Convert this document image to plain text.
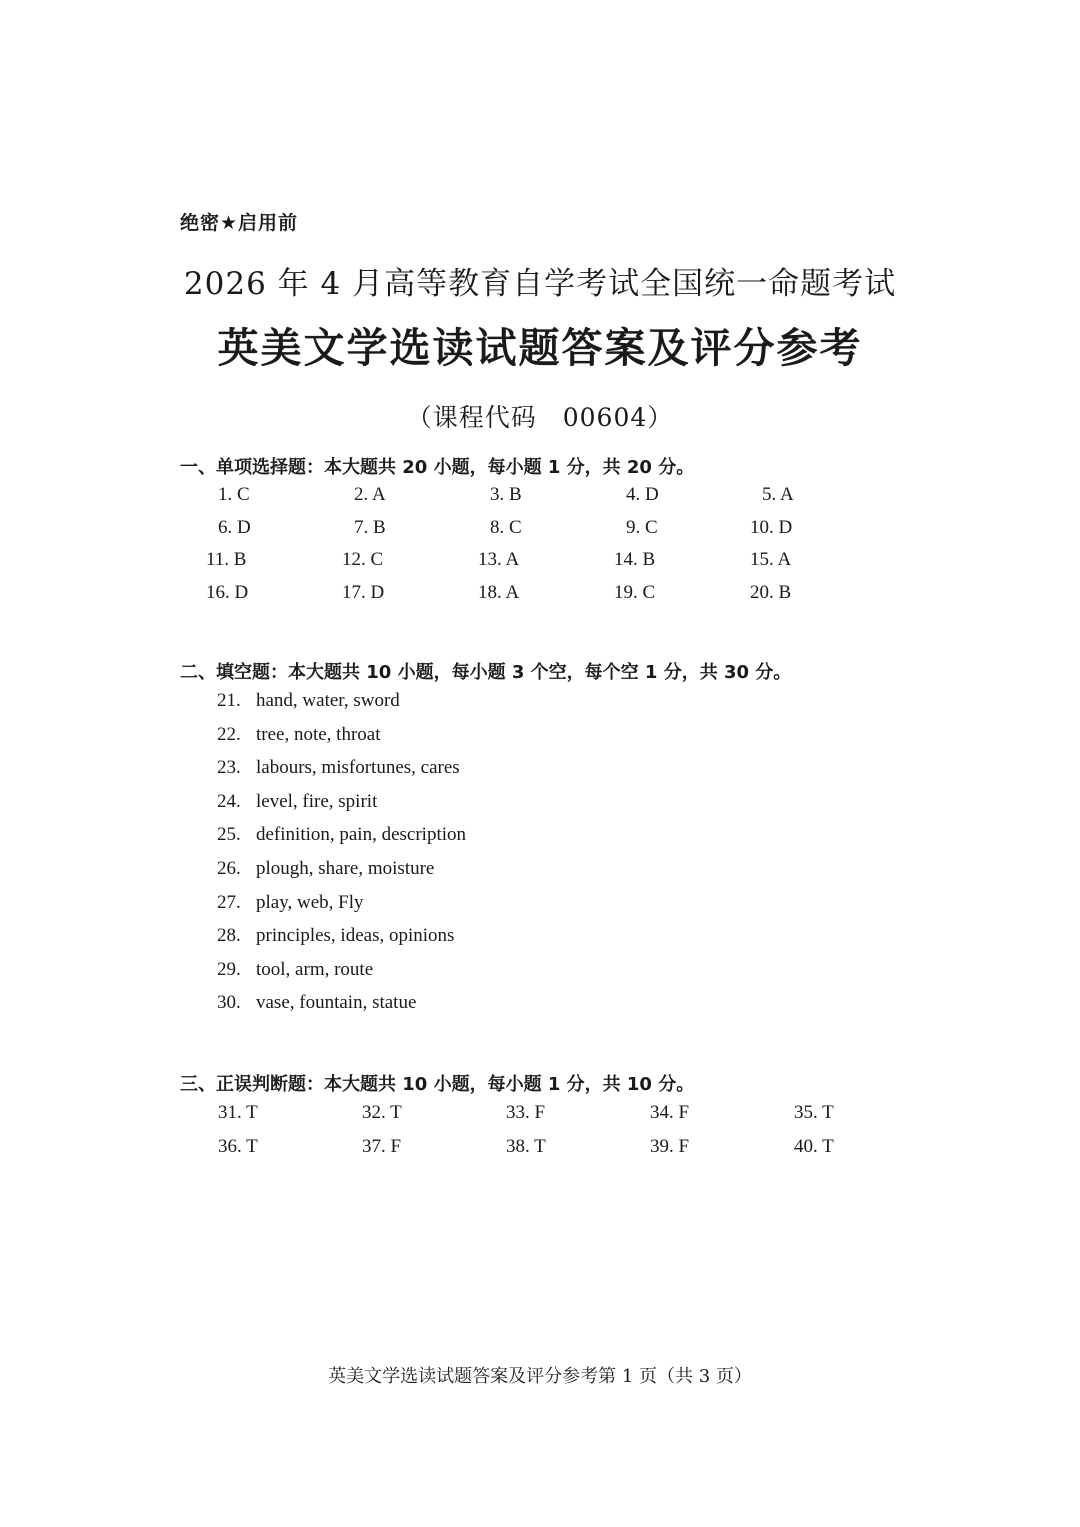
绝密★启用前
2026 年 4 月高等教育自学考试全国统一命题考试
英美文学选读试题答案及评分参考
（课程代码　00604）
一、单项选择题：本大题共 20 小题，每小题 1 分，共 20 分。
1. C	2. A	3. B	4. D	5. A
6. D	7. B	8. C	9. C	10. D
11. B	12. C	13. A	14. B	15. A
16. D	17. D	18. A	19. C	20. B
二、填空题：本大题共 10 小题，每小题 3 个空，每个空 1 分，共 30 分。
21. hand, water, sword
22. tree, note, throat
23. labours, misfortunes, cares
24. level, fire, spirit
25. definition, pain, description
26. plough, share, moisture
27. play, web, Fly
28. principles, ideas, opinions
29. tool, arm, route
30. vase, fountain, statue
三、正误判断题：本大题共 10 小题，每小题 1 分，共 10 分。
31. T	32. T	33. F	34. F	35. T
36. T	37. F	38. T	39. F	40. T
英美文学选读试题答案及评分参考第 1 页（共 3 页）
